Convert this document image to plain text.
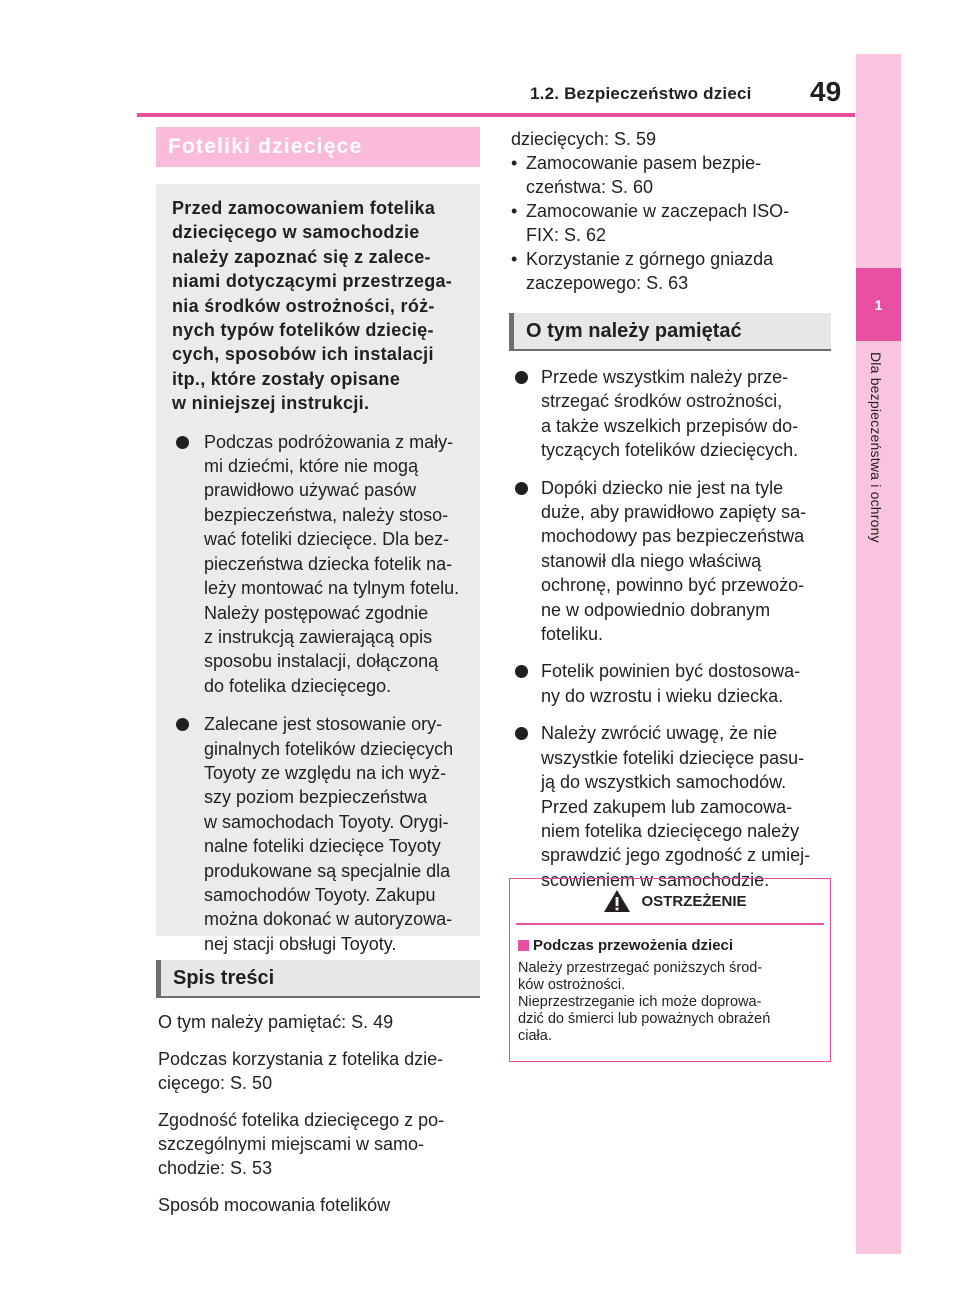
1.2. Bezpieczeństwo dzieci 49
1
Dla bezpieczeństwa i ochrony
Foteliki dziecięce
Przed zamocowaniem fotelika
dziecięcego w samochodzie
należy zapoznać się z zalece-
niami dotyczącymi przestrzega-
nia środków ostrożności, róż-
nych typów fotelików dziecię-
cych, sposobów ich instalacji
itp., które zostały opisane
w niniejszej instrukcji.
Podczas podróżowania z mały-
mi dziećmi, które nie mogą
prawidłowo używać pasów
bezpieczeństwa, należy stoso-
wać foteliki dziecięce. Dla bez-
pieczeństwa dziecka fotelik na-
leży montować na tylnym fotelu.
Należy postępować zgodnie
z instrukcją zawierającą opis
sposobu instalacji, dołączoną
do fotelika dziecięcego.
Zalecane jest stosowanie ory-
ginalnych fotelików dziecięcych
Toyoty ze względu na ich wyż-
szy poziom bezpieczeństwa
w samochodach Toyoty. Orygi-
nalne foteliki dziecięce Toyoty
produkowane są specjalnie dla
samochodów Toyoty. Zakupu
można dokonać w autoryzowa-
nej stacji obsługi Toyoty.
Spis treści

O tym należy pamiętać: S. 49

Podczas korzystania z fotelika dzie-
cięcego: S. 50

Zgodność fotelika dziecięcego z po-
szczególnymi miejscami w samo-
chodzie: S. 53

Sposób mocowania fotelików

dziecięcych: S. 59
• Zamocowanie pasem bezpie-
czeństwa: S. 60
• Zamocowanie w zaczepach ISO-
FIX: S. 62
• Korzystanie z górnego gniazda
zaczepowego: S. 63
O tym należy pamiętać
Przede wszystkim należy prze-
strzegać środków ostrożności,
a także wszelkich przepisów do-
tyczących fotelików dziecięcych.
Dopóki dziecko nie jest na tyle
duże, aby prawidłowo zapięty sa-
mochodowy pas bezpieczeństwa
stanowił dla niego właściwą
ochronę, powinno być przewożo-
ne w odpowiednio dobranym
foteliku.
Fotelik powinien być dostosowa-
ny do wzrostu i wieku dziecka.
Należy zwrócić uwagę, że nie
wszystkie foteliki dziecięce pasu-
ją do wszystkich samochodów.
Przed zakupem lub zamocowa-
niem fotelika dziecięcego należy
sprawdzić jego zgodność z umiej-
scowieniem w samochodzie.
OSTRZEŻENIE
Podczas przewożenia dzieci
Należy przestrzegać poniższych środ-
ków ostrożności.
Nieprzestrzeganie ich może doprowa-
dzić do śmierci lub poważnych obrażeń
ciała.
